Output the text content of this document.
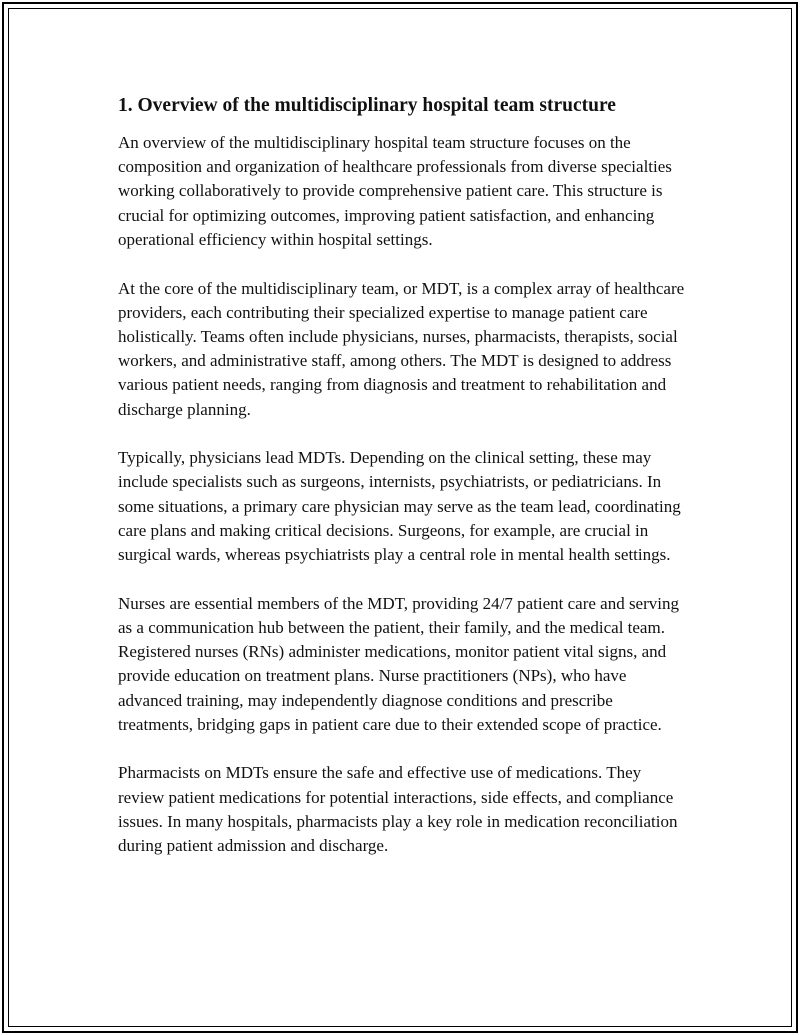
1. Overview of the multidisciplinary hospital team structure

An overview of the multidisciplinary hospital team structure focuses on the composition and organization of healthcare professionals from diverse specialties working collaboratively to provide comprehensive patient care. This structure is crucial for optimizing outcomes, improving patient satisfaction, and enhancing operational efficiency within hospital settings.

At the core of the multidisciplinary team, or MDT, is a complex array of healthcare providers, each contributing their specialized expertise to manage patient care holistically. Teams often include physicians, nurses, pharmacists, therapists, social workers, and administrative staff, among others. The MDT is designed to address various patient needs, ranging from diagnosis and treatment to rehabilitation and discharge planning.

Typically, physicians lead MDTs. Depending on the clinical setting, these may include specialists such as surgeons, internists, psychiatrists, or pediatricians. In some situations, a primary care physician may serve as the team lead, coordinating care plans and making critical decisions. Surgeons, for example, are crucial in surgical wards, whereas psychiatrists play a central role in mental health settings.

Nurses are essential members of the MDT, providing 24/7 patient care and serving as a communication hub between the patient, their family, and the medical team. Registered nurses (RNs) administer medications, monitor patient vital signs, and provide education on treatment plans. Nurse practitioners (NPs), who have advanced training, may independently diagnose conditions and prescribe treatments, bridging gaps in patient care due to their extended scope of practice.

Pharmacists on MDTs ensure the safe and effective use of medications. They review patient medications for potential interactions, side effects, and compliance issues. In many hospitals, pharmacists play a key role in medication reconciliation during patient admission and discharge.
